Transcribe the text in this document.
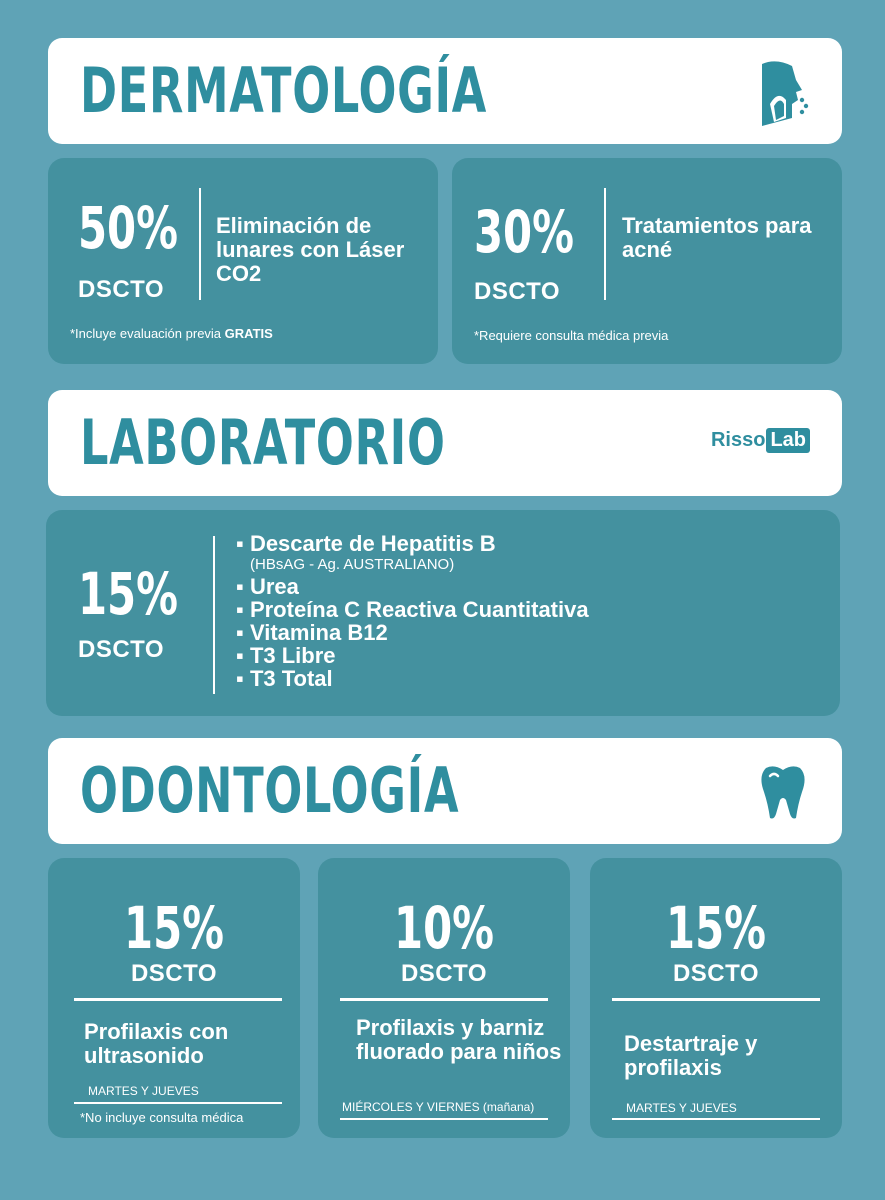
DERMATOLOGÍA
50%
DSCTO
Eliminación de lunares con Láser CO2
*Incluye evaluación previa GRATIS
30%
DSCTO
Tratamientos para acné
*Requiere consulta médica previa
LABORATORIO	Risso Lab
15%
DSCTO
▪ Descarte de Hepatitis B
(HBsAG - Ag. AUSTRALIANO)
▪ Urea
▪ Proteína C Reactiva Cuantitativa
▪ Vitamina B12
▪ T3 Libre
▪ T3 Total
ODONTOLOGÍA
15%
DSCTO
Profilaxis con ultrasonido
MARTES Y JUEVES
*No incluye consulta médica
10%
DSCTO
Profilaxis y barniz fluorado para niños
MIÉRCOLES Y VIERNES (mañana)
15%
DSCTO
Destartraje y profilaxis
MARTES Y JUEVES
